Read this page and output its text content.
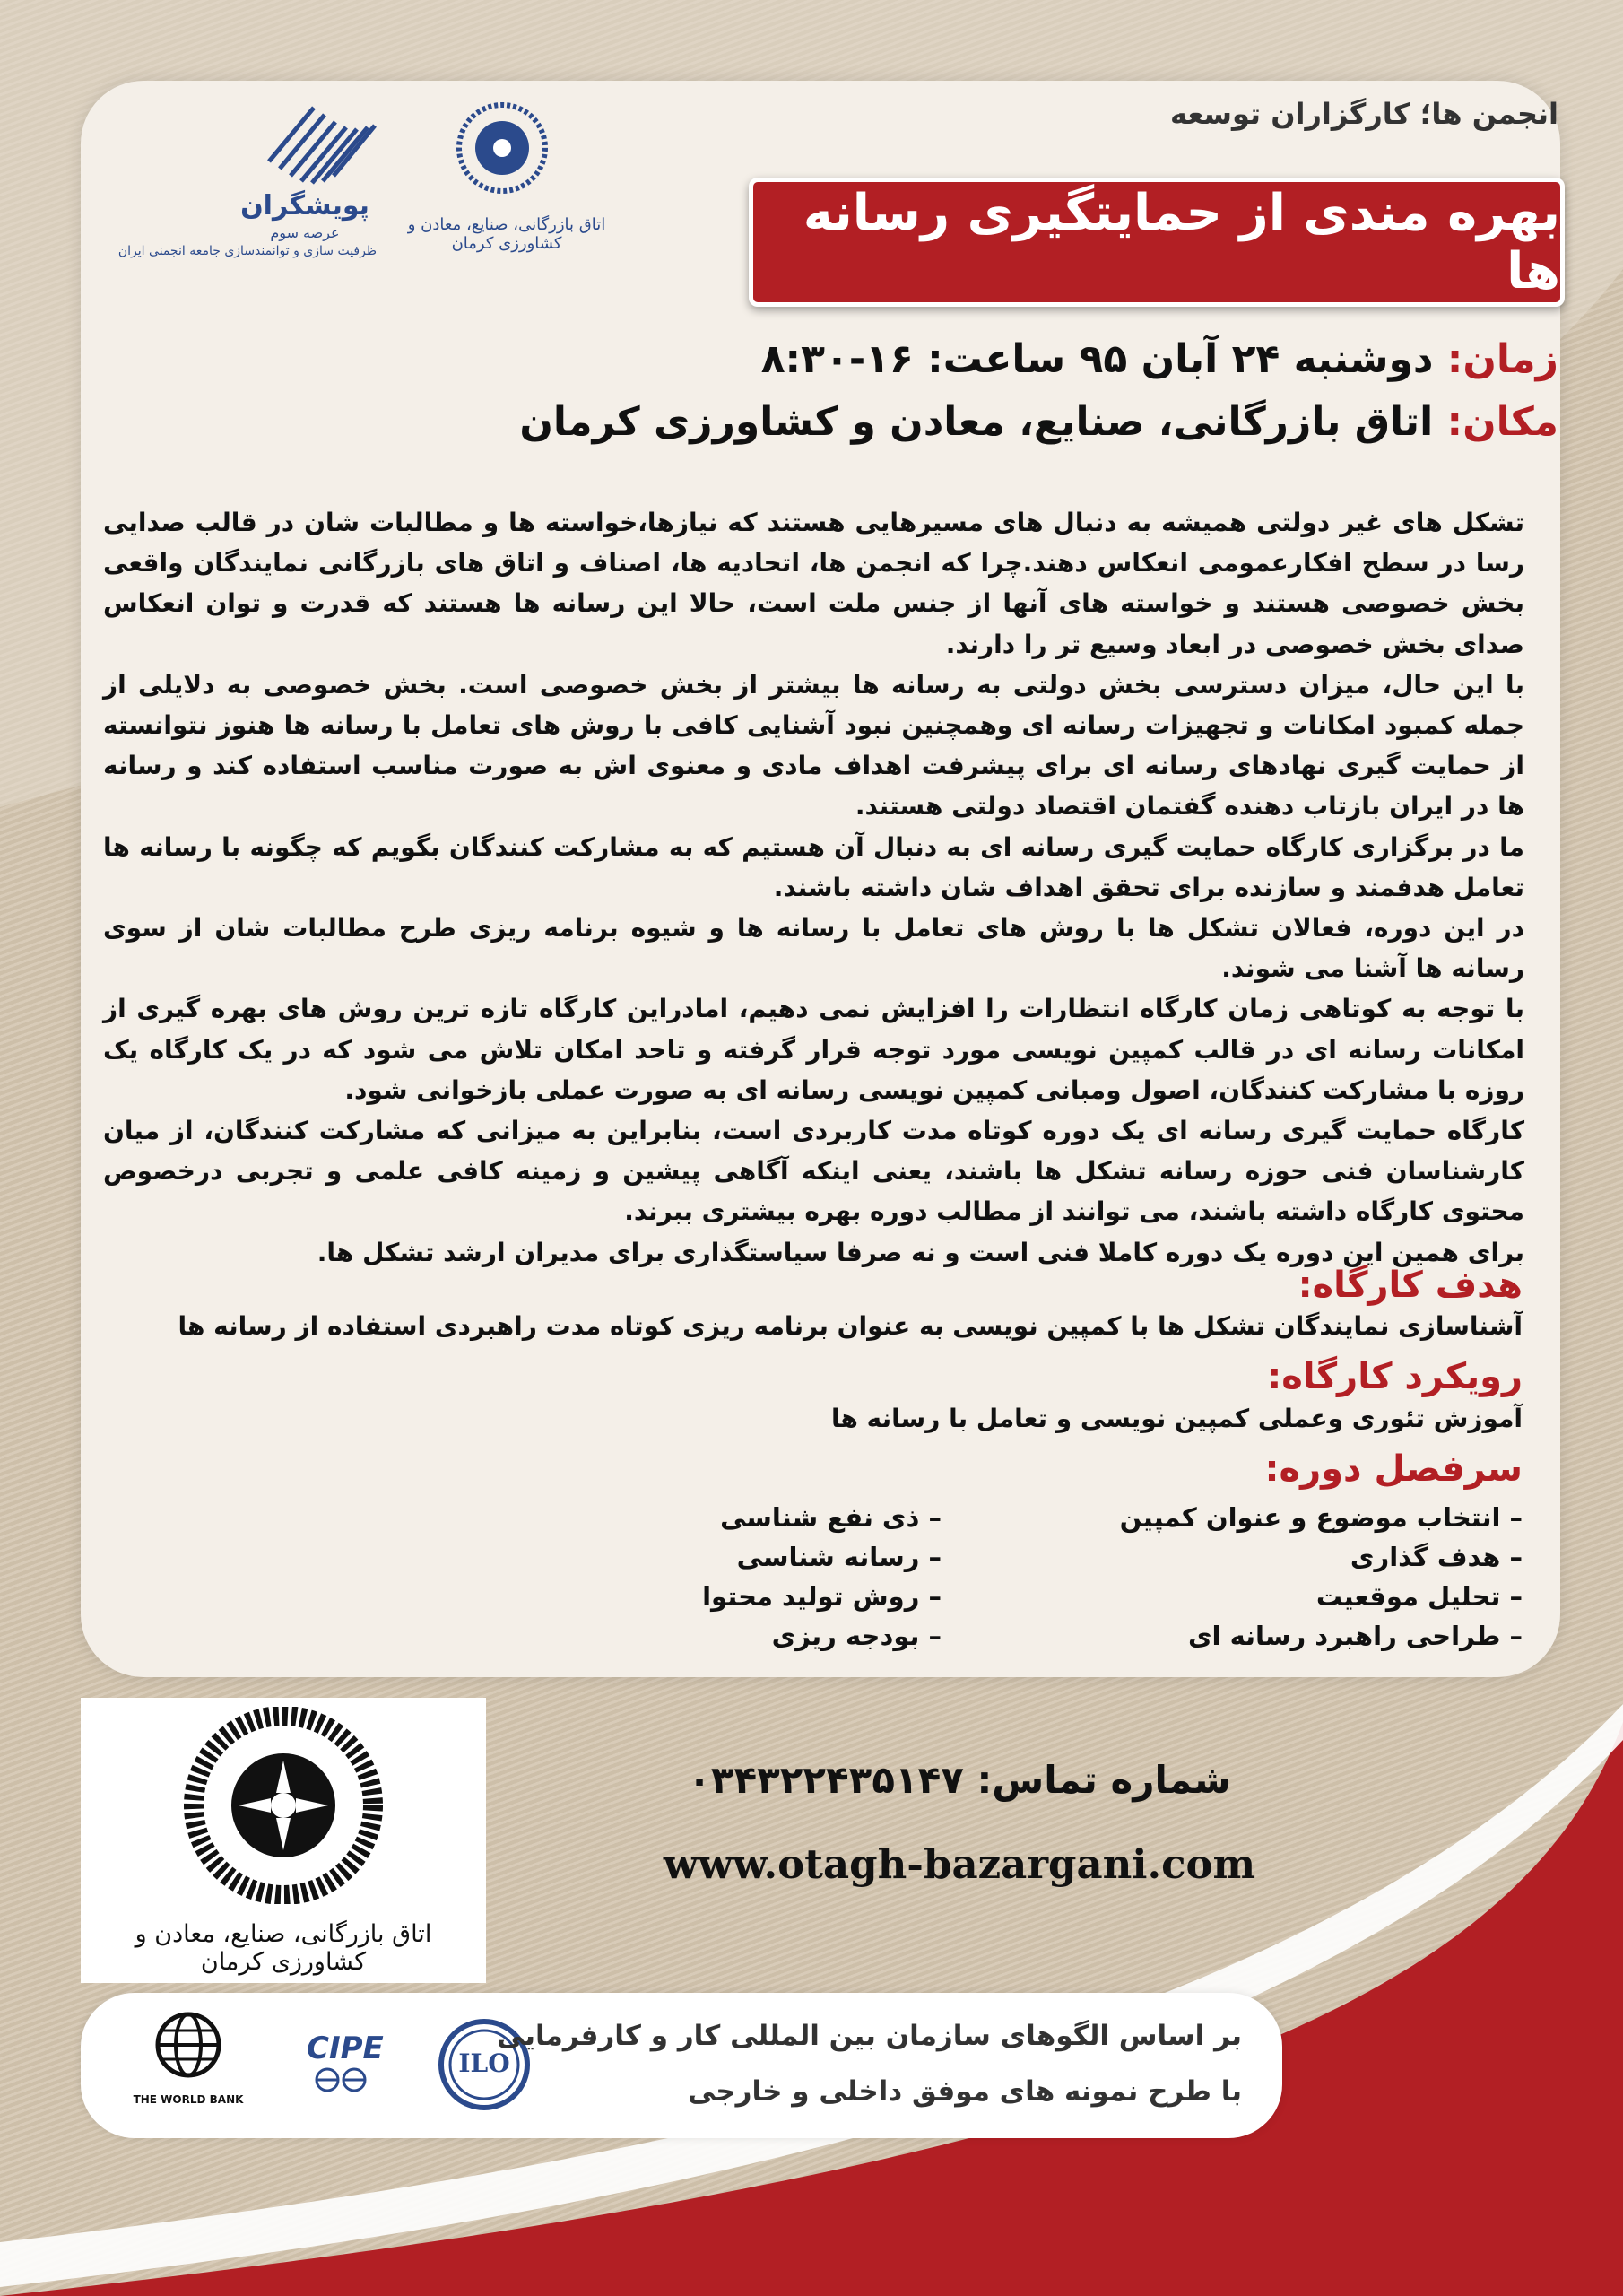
پویشگران
عرصه سوم
ظرفیت سازی و توانمندسازی جامعه انجمنی ایران
اتاق بازرگانی، صنایع، معادن و کشاورزی کرمان
انجمن ها؛ کارگزاران توسعه
بهره مندی از حمایتگیری رسانه ها
زمان: دوشنبه ۲۴ آبان ۹۵ ساعت: ۱۶-۸:۳۰
مکان: اتاق بازرگانی، صنایع، معادن و کشاورزی کرمان

تشکل های غیر دولتی همیشه به دنبال های مسیرهایی هستند که نیازها،خواسته ها و مطالبات شان در قالب صدایی رسا در سطح افکارعمومی انعکاس دهند.چرا که انجمن ها، اتحادیه ها، اصناف و اتاق های بازرگانی نمایندگان واقعی بخش خصوصی هستند و خواسته های آنها از جنس ملت است، حالا این رسانه ها هستند که قدرت و توان انعکاس صدای بخش خصوصی در ابعاد وسیع تر را دارند.

با این حال، میزان دسترسی بخش دولتی به رسانه ها بیشتر از بخش خصوصی است. بخش خصوصی به دلایلی از جمله کمبود امکانات و تجهیزات رسانه ای وهمچنین نبود آشنایی کافی با روش های تعامل با رسانه ها هنوز نتوانسته از حمایت گیری نهادهای رسانه ای برای پیشرفت اهداف مادی و معنوی اش به صورت مناسب استفاده کند و رسانه ها در ایران بازتاب دهنده گفتمان اقتصاد دولتی هستند.

ما در برگزاری کارگاه حمایت گیری رسانه ای به دنبال آن هستیم که به مشارکت کنندگان بگویم که چگونه با رسانه ها تعامل هدفمند و سازنده برای تحقق اهداف شان داشته باشند.

در این دوره، فعالان تشکل ها با روش های تعامل با رسانه ها و شیوه برنامه ریزی طرح مطالبات شان از سوی رسانه ها آشنا می شوند.

با توجه به کوتاهی زمان کارگاه انتظارات را افزایش نمی دهیم، امادراین کارگاه تازه ترین روش های بهره گیری از امکانات رسانه ای در قالب کمپین نویسی مورد توجه قرار گرفته و تاحد امکان تلاش می شود که در یک کارگاه یک روزه با مشارکت کنندگان، اصول ومبانی کمپین نویسی رسانه ای به صورت عملی بازخوانی شود.

کارگاه حمایت گیری رسانه ای یک دوره کوتاه مدت کاربردی است، بنابراین به میزانی که مشارکت کنندگان، از میان کارشناسان فنی حوزه رسانه تشکل ها باشند، یعنی اینکه آگاهی پیشین و زمینه کافی علمی و تجربی درخصوص محتوی کارگاه داشته باشند، می توانند از مطالب دوره بهره بیشتری ببرند.

برای همین این دوره یک دوره کاملا فنی است و نه صرفا سیاستگذاری برای مدیران ارشد تشکل ها.

هدف کارگاه:
آشناسازی نمایندگان تشکل ها با کمپین نویسی به عنوان برنامه ریزی کوتاه مدت راهبردی استفاده از رسانه ها
رویکرد کارگاه:
آموزش تئوری وعملی کمپین نویسی و تعامل با رسانه ها
سرفصل دوره:
– انتخاب موضوع و عنوان کمپین
– هدف گذاری
– تحلیل موقعیت
– طراحی راهبرد رسانه ای
– ذی نفع شناسی
– رسانه شناسی
– روش تولید محتوا
– بودجه ریزی
اتاق بازرگانی، صنایع، معادن و کشاورزی کرمان
شماره تماس: ۰۳۴۳۲۲۴۳۵۱۴۷
www.otagh-bazargani.com
THE WORLD BANK
CIPE	ILO
بر اساس الگوهای سازمان بین المللی کار و کارفرمایی
با طرح نمونه های موفق داخلی و خارجی
